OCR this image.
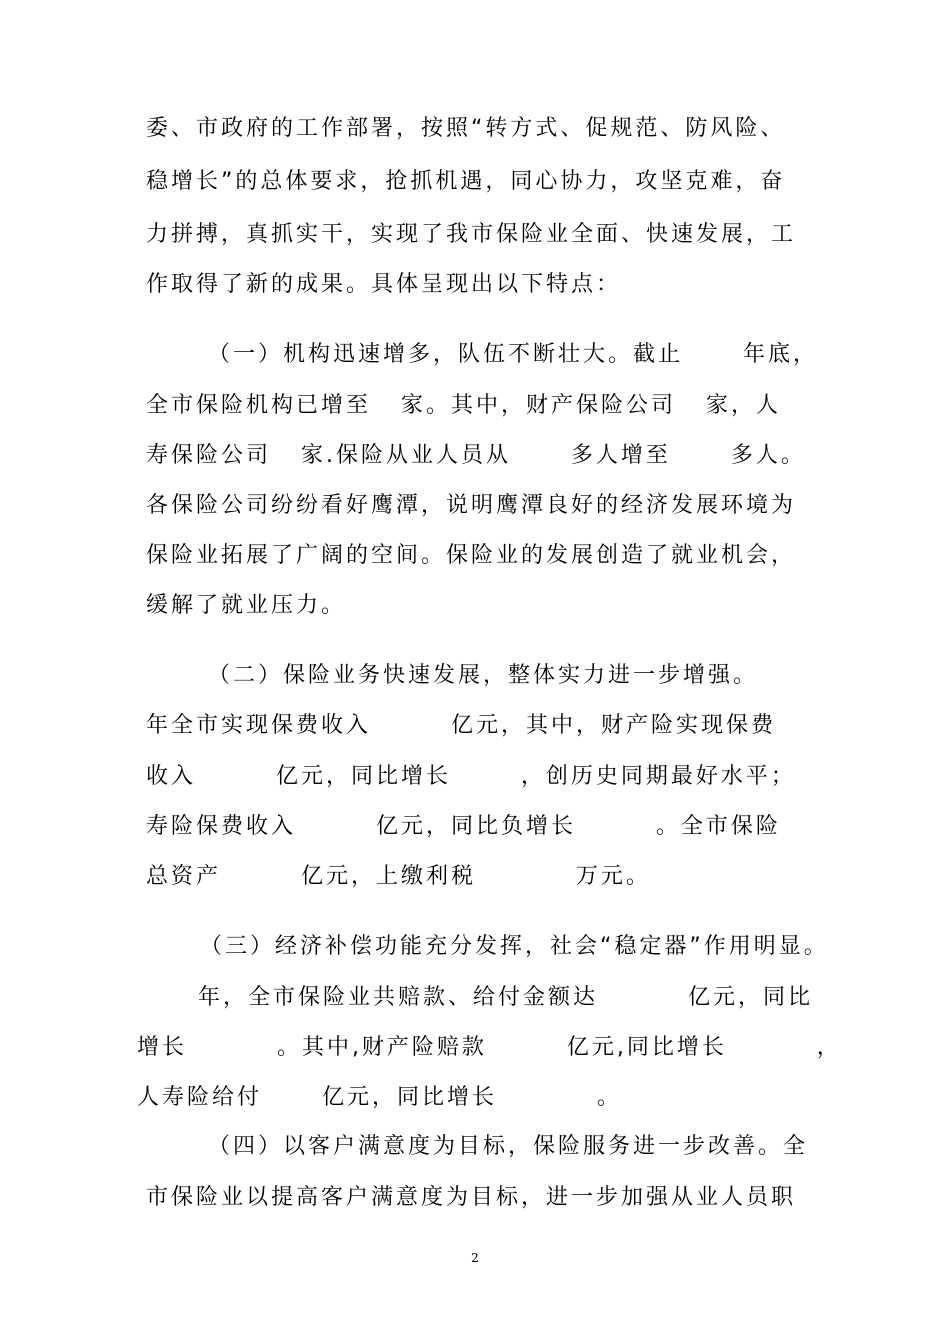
委、市政府的工作部署，按照“转方式、促规范、防风险、

稳增长”的总体要求，抢抓机遇，同心协力，攻坚克难，奋

力拼搏，真抓实干，实现了我市保险业全面、快速发展，工

作取得了新的成果。具体呈现出以下特点：

（一）机构迅速增多，队伍不断壮大。截止      年底，

全市保险机构已增至   家。其中，财产保险公司   家，人

寿保险公司   家.保险从业人员从      多人增至      多人。

各保险公司纷纷看好鹰潭，说明鹰潭良好的经济发展环境为

保险业拓展了广阔的空间。保险业的发展创造了就业机会，

缓解了就业压力。

（二）保险业务快速发展，整体实力进一步增强。

年全市实现保费收入        亿元，其中，财产险实现保费

收入        亿元，同比增长       ，创历史同期最好水平；

寿险保费收入        亿元，同比负增长        。全市保险

总资产        亿元，上缴利税          万元。

（三）经济补偿功能充分发挥，社会“稳定器”作用明显。

年，全市保险业共赔款、给付金额达         亿元，同比

增长         。其中,财产险赔款        亿元,同比增长         ，

人寿险给付      亿元，同比增长          。

（四）以客户满意度为目标，保险服务进一步改善。全

市保险业以提高客户满意度为目标，进一步加强从业人员职

2
